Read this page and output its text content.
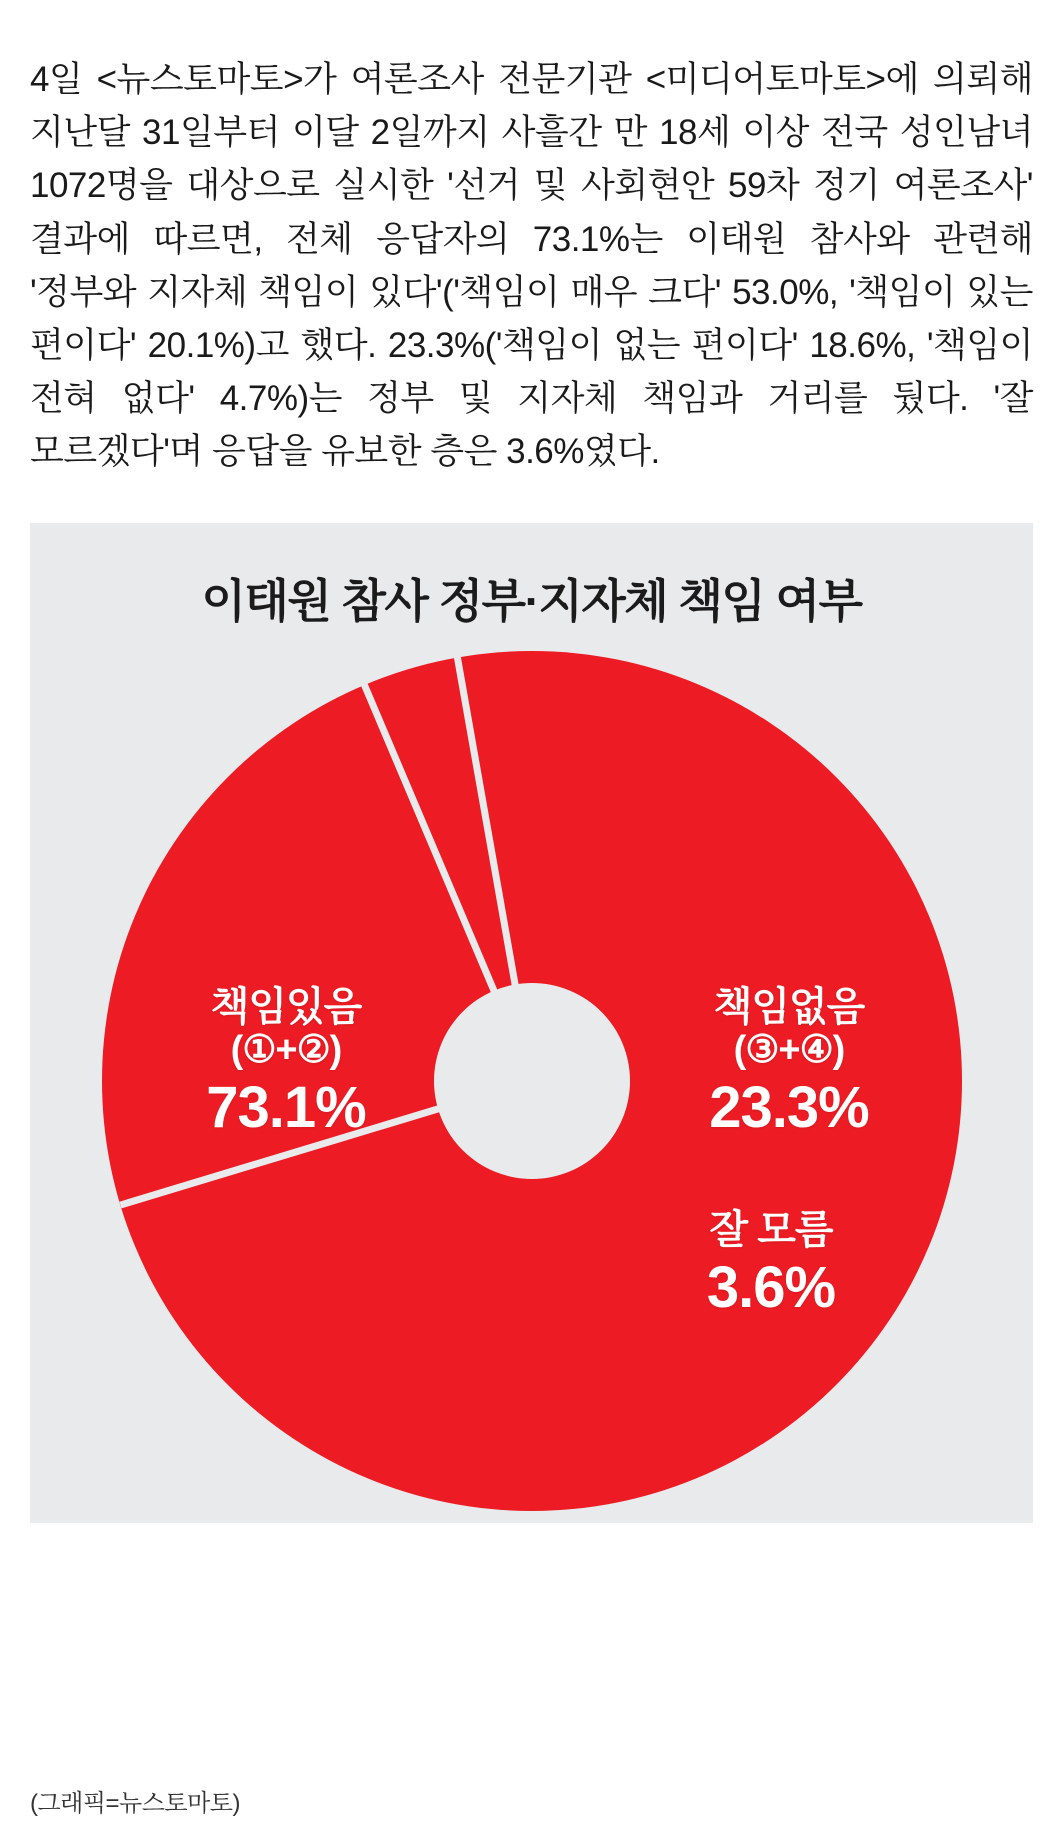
4일 <뉴스토마토>가 여론조사 전문기관 <미디어토마토>에 의뢰해 지난달 31일부터 이달 2일까지 사흘간 만 18세 이상 전국 성인남녀 1072명을 대상으로 실시한 '선거 및 사회현안 59차 정기 여론조사' 결과에 따르면, 전체 응답자의 73.1%는 이태원 참사와 관련해 '정부와 지자체 책임이 있다'('책임이 매우 크다' 53.0%, '책임이 있는 편이다' 20.1%)고 했다. 23.3%('책임이 없는 편이다' 18.6%, '책임이 전혀 없다' 4.7%)는 정부 및 지자체 책임과 거리를 뒀다. '잘 모르겠다'며 응답을 유보한 층은 3.6%였다.

이태원 참사 정부·지자체 책임 여부
책임있음
(①+②)
73.1%
책임없음
(③+④)
23.3%
잘 모름
3.6%
(그래픽=뉴스토마토)
